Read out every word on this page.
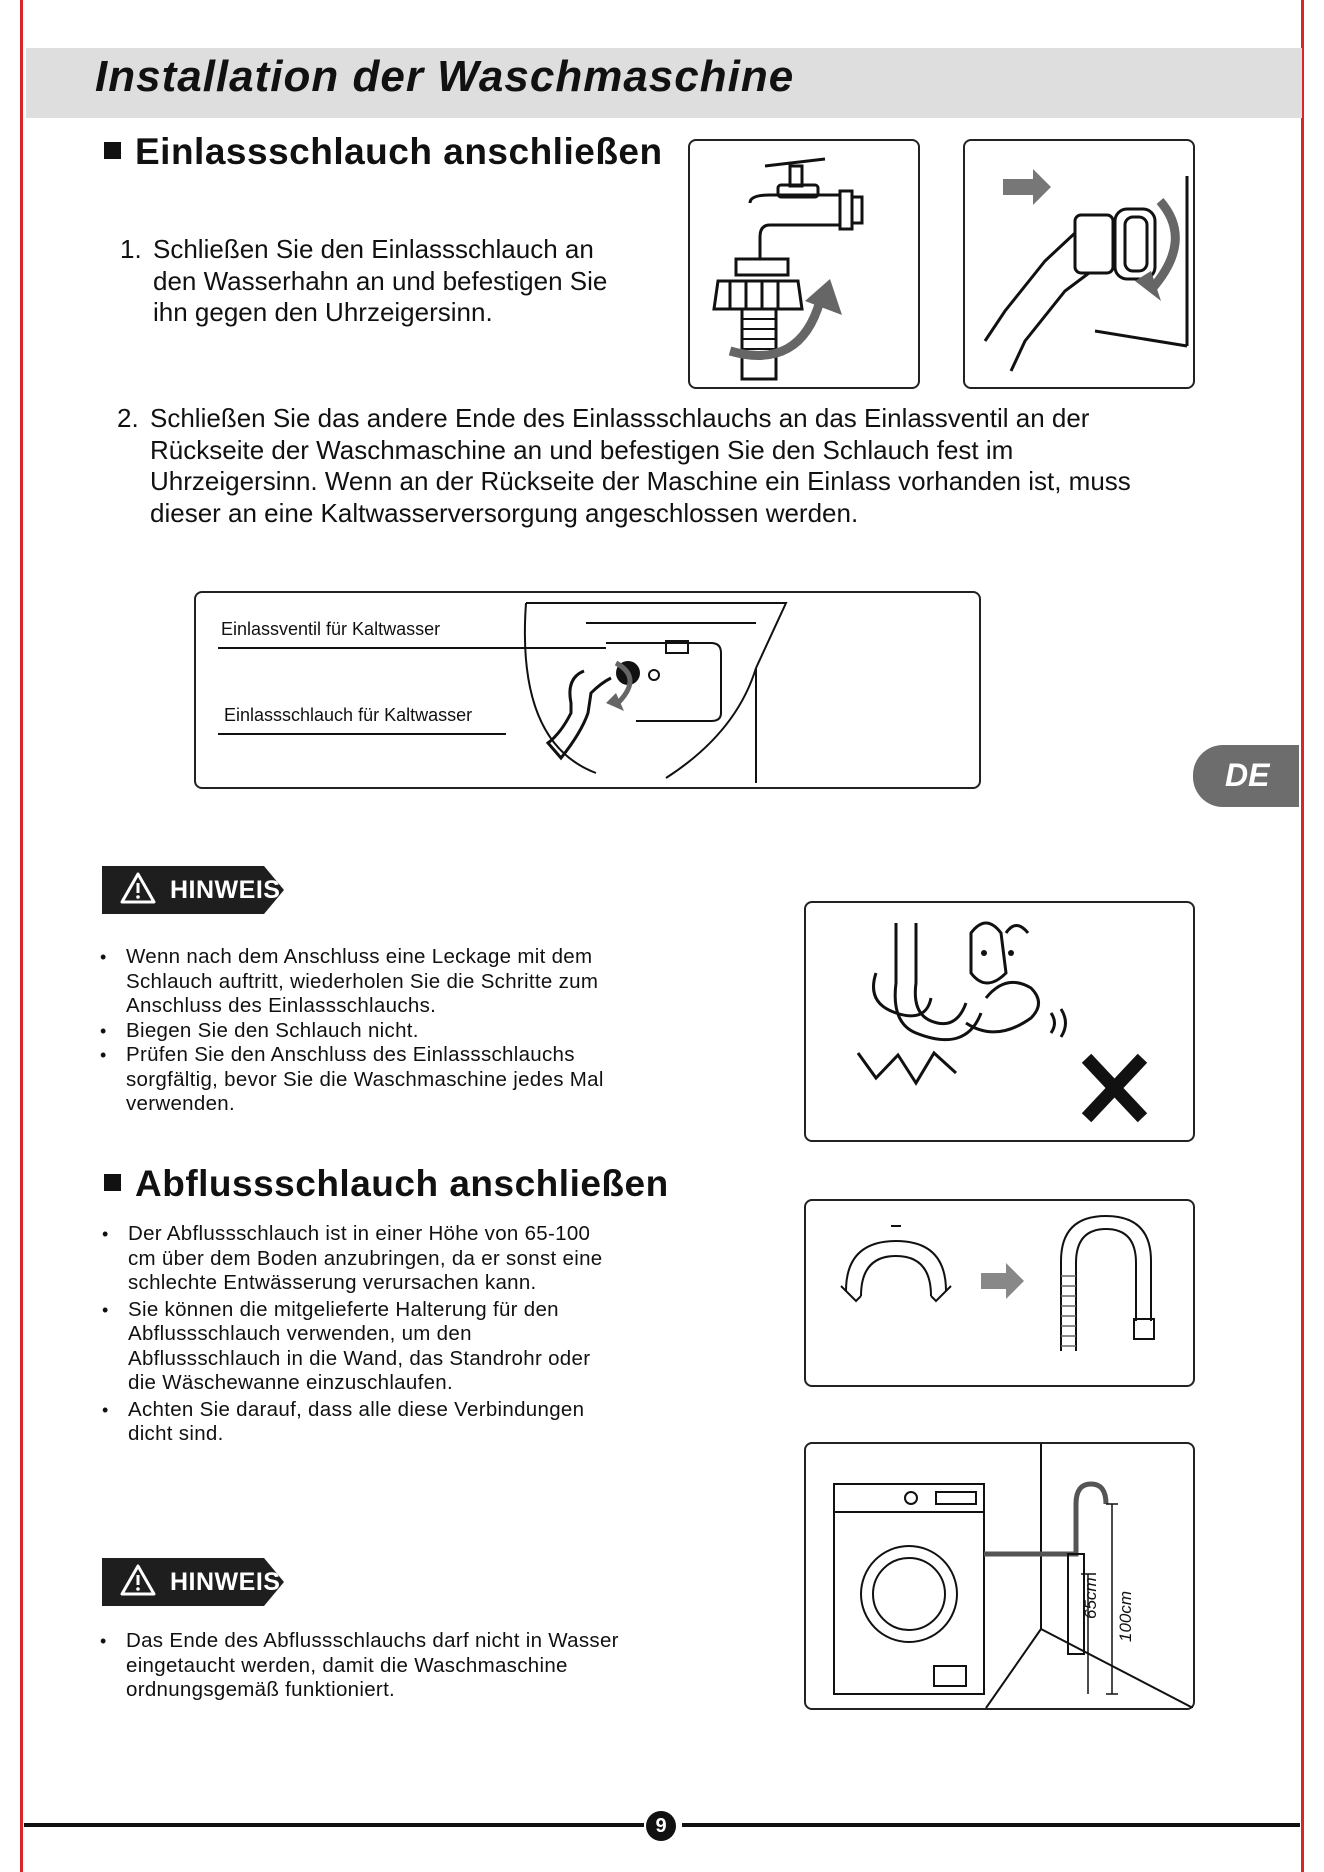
Installation der Waschmaschine
Einlassschlauch anschließen
1. Schließen Sie den Einlassschlauch an den Wasserhahn an und befestigen Sie ihn gegen den Uhrzeigersinn.
2. Schließen Sie das andere Ende des Einlassschlauchs an das Einlassventil an der Rückseite der Waschmaschine an und befestigen Sie den Schlauch fest im Uhrzeigersinn. Wenn an der Rückseite der Maschine ein Einlass vorhanden ist, muss dieser an eine Kaltwasserversorgung angeschlossen werden.
Einlassventil für Kaltwasser
Einlassschlauch für Kaltwasser
DE
HINWEIS
• Wenn nach dem Anschluss eine Leckage mit dem Schlauch auftritt, wiederholen Sie die Schritte zum Anschluss des Einlassschlauchs.
• Biegen Sie den Schlauch nicht.
• Prüfen Sie den Anschluss des Einlassschlauchs sorgfältig, bevor Sie die Waschmaschine jedes Mal verwenden.
Abflussschlauch anschließen
• Der Abflussschlauch ist in einer Höhe von 65-100 cm über dem Boden anzubringen, da er sonst eine schlechte Entwässerung verursachen kann.
• Sie können die mitgelieferte Halterung für den Abflussschlauch verwenden, um den Abflussschlauch in die Wand, das Standrohr oder die Wäschewanne einzuschlaufen.
• Achten Sie darauf, dass alle diese Verbindungen dicht sind.
65cm 100cm
HINWEIS
• Das Ende des Abflussschlauchs darf nicht in Wasser eingetaucht werden, damit die Waschmaschine ordnungsgemäß funktioniert.
9
